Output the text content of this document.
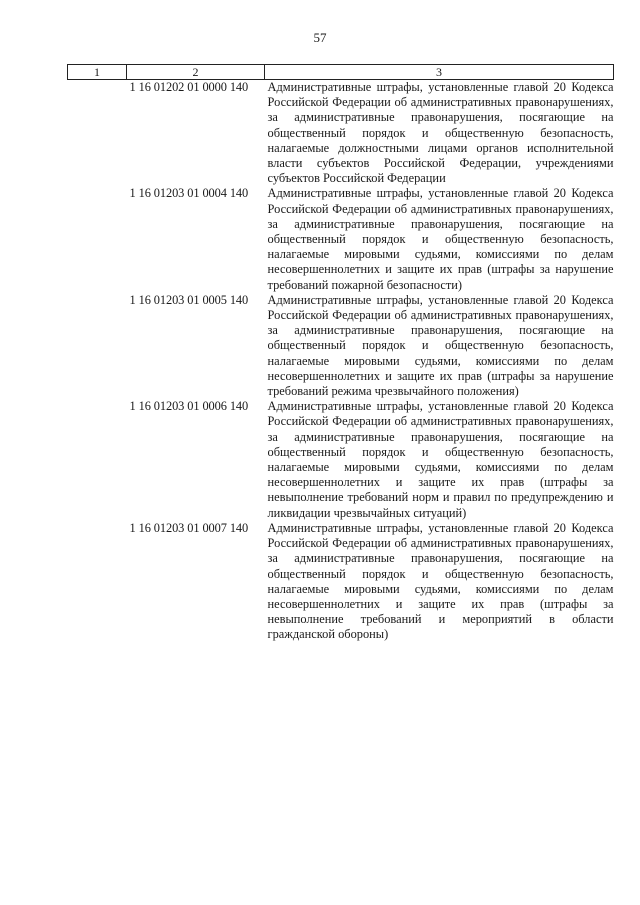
57
1	2	3
	1 16 01202 01 0000 140	Административные штрафы, установленные главой 20 Кодекса Российской Федерации об административных правонарушениях, за административные правонарушения, посягающие на общественный порядок и общественную безопасность, налагаемые должностными лицами органов исполнительной власти субъектов Российской Федерации, учреждениями субъектов Российской Федерации
	1 16 01203 01 0004 140	Административные штрафы, установленные главой 20 Кодекса Российской Федерации об административных правонарушениях, за административные правонарушения, посягающие на общественный порядок и общественную безопасность, налагаемые мировыми судьями, комиссиями по делам несовершеннолетних и защите их прав (штрафы за нарушение требований пожарной безопасности)
	1 16 01203 01 0005 140	Административные штрафы, установленные главой 20 Кодекса Российской Федерации об административных правонарушениях, за административные правонарушения, посягающие на общественный порядок и общественную безопасность, налагаемые мировыми судьями, комиссиями по делам несовершеннолетних и защите их прав (штрафы за нарушение требований режима чрезвычайного положения)
	1 16 01203 01 0006 140	Административные штрафы, установленные главой 20 Кодекса Российской Федерации об административных правонарушениях, за административные правонарушения, посягающие на общественный порядок и общественную безопасность, налагаемые мировыми судьями, комиссиями по делам несовершеннолетних и защите их прав (штрафы за невыполнение требований норм и правил по предупреждению и ликвидации чрезвычайных ситуаций)
	1 16 01203 01 0007 140	Административные штрафы, установленные главой 20 Кодекса Российской Федерации об административных правонарушениях, за административные правонарушения, посягающие на общественный порядок и общественную безопасность, налагаемые мировыми судьями, комиссиями по делам несовершеннолетних и защите их прав (штрафы за невыполнение требований и мероприятий в области гражданской обороны)
